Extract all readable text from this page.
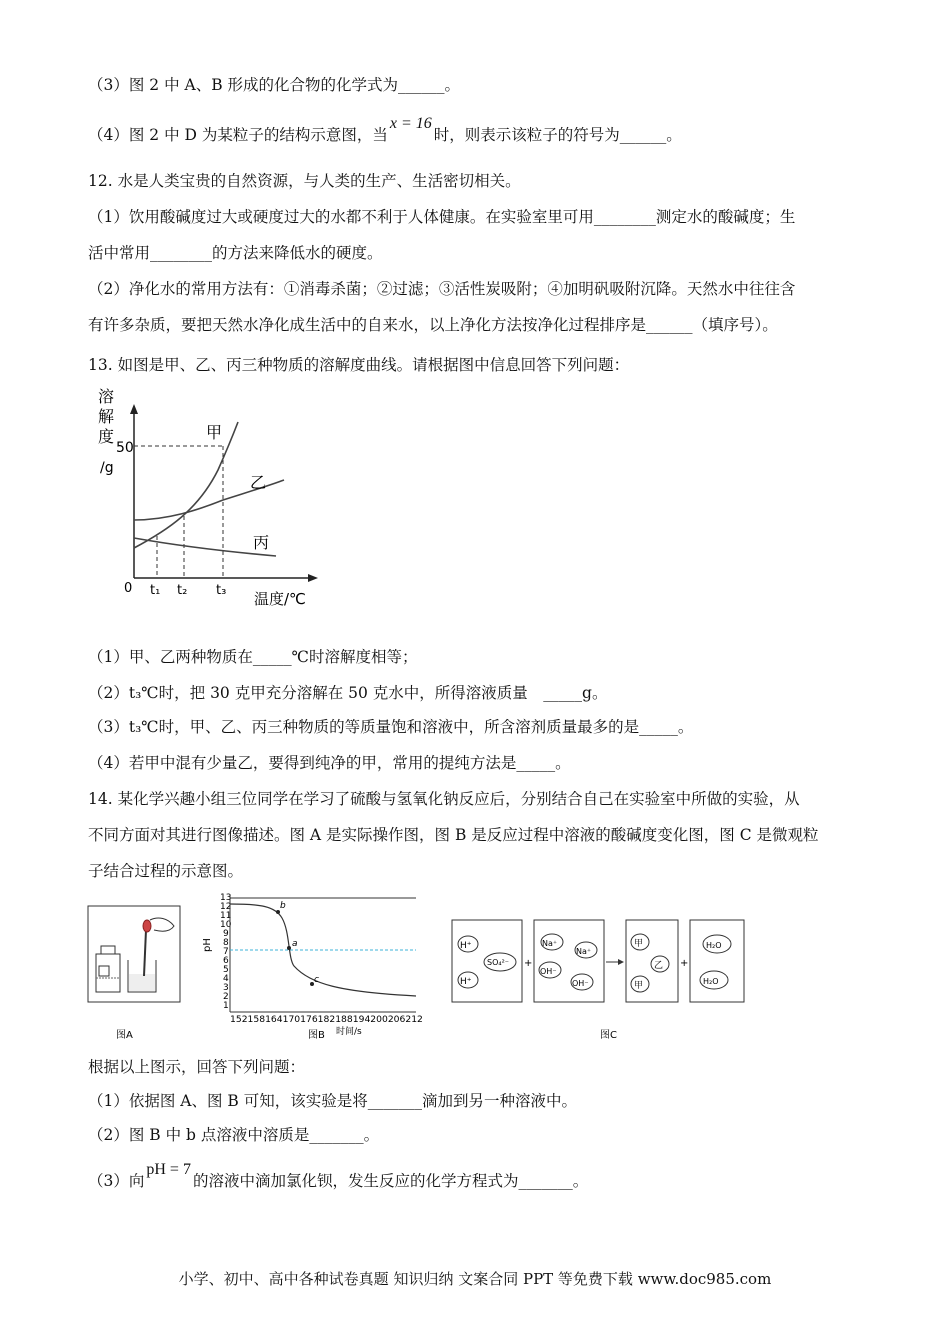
（3）图 2 中 A、B 形成的化合物的化学式为______。
（4）图 2 中 D 为某粒子的结构示意图，当x = 16时，则表示该粒子的符号为______。
12. 水是人类宝贵的自然资源，与人类的生产、生活密切相关。
（1）饮用酸碱度过大或硬度过大的水都不利于人体健康。在实验室里可用________测定水的酸碱度；生
活中常用________的方法来降低水的硬度。
（2）净化水的常用方法有：①消毒杀菌；②过滤；③活性炭吸附；④加明矾吸附沉降。天然水中往往含
有许多杂质，要把天然水净化成生活中的自来水，以上净化方法按净化过程排序是______（填序号）。
13. 如图是甲、乙、丙三种物质的溶解度曲线。请根据图中信息回答下列问题：
溶
解
度
/g
50
0
甲
乙
丙
t₁ t₂ t₃ 温度/℃
（1）甲、乙两种物质在_____℃时溶解度相等；
（2）t₃℃时，把 30 克甲充分溶解在 50 克水中，所得溶液质量　_____g。
（3）t₃℃时，甲、乙、丙三种物质的等质量饱和溶液中，所含溶剂质量最多的是_____。
（4）若甲中混有少量乙，要得到纯净的甲，常用的提纯方法是_____。
14. 某化学兴趣小组三位同学在学习了硫酸与氢氧化钠反应后，分别结合自己在实验室中所做的实验，从
不同方面对其进行图像描述。图 A 是实际操作图，图 B 是反应过程中溶液的酸碱度变化图，图 C 是微观粒
子结合过程的示意图。
图A
pH
13
12
11
10
9
8
7
6
5
4
3
2
1
a
b
c
152158164170176182188194200206212
时间/s
图B
H⁺
SO₄²⁻
H⁺
+
Na⁺
Na⁺
OH⁻
OH⁻
甲
乙
甲
+
H₂O
H₂O
图C
根据以上图示，回答下列问题：
（1）依据图 A、图 B 可知，该实验是将_______滴加到另一种溶液中。
（2）图 B 中 b 点溶液中溶质是_______。
（3）向pH = 7的溶液中滴加氯化钡，发生反应的化学方程式为_______。
小学、初中、高中各种试卷真题 知识归纳 文案合同 PPT 等免费下载 www.doc985.com
